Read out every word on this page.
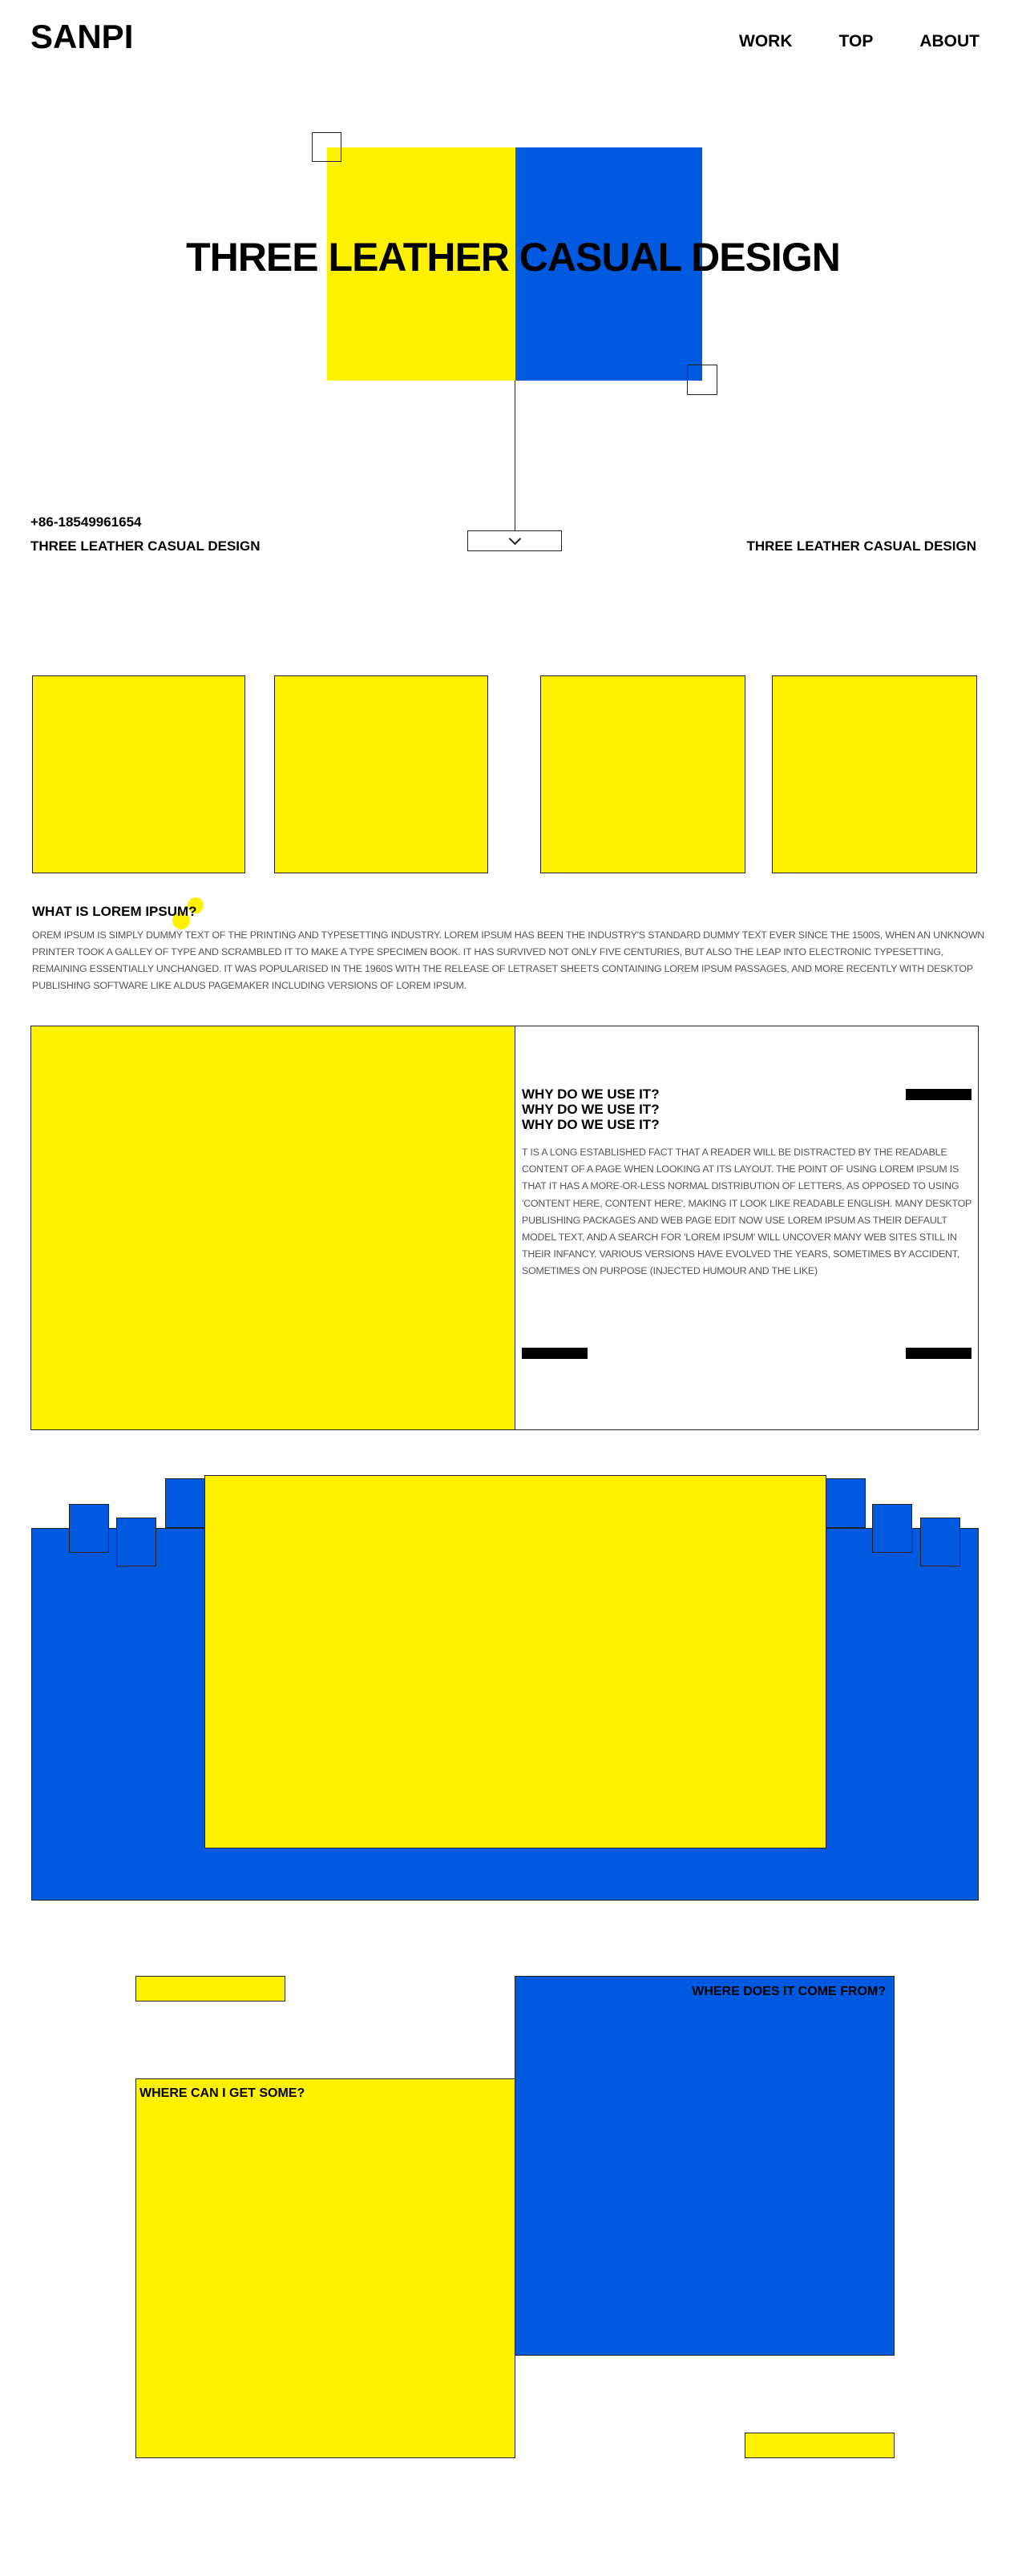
SANPI	WORK	TOP	ABOUT
THREE LEATHER CASUAL DESIGN
+86-18549961654
THREE LEATHER CASUAL DESIGN	THREE LEATHER CASUAL DESIGN
WHAT IS LOREM IPSUM?
OREM IPSUM IS SIMPLY DUMMY TEXT OF THE PRINTING AND TYPESETTING INDUSTRY. LOREM IPSUM HAS BEEN THE INDUSTRY'S STANDARD DUMMY TEXT EVER SINCE THE 1500S, WHEN AN UNKNOWN PRINTER TOOK A GALLEY OF TYPE AND SCRAMBLED IT TO MAKE A TYPE SPECIMEN BOOK. IT HAS SURVIVED NOT ONLY FIVE CENTURIES, BUT ALSO THE LEAP INTO ELECTRONIC TYPESETTING, REMAINING ESSENTIALLY UNCHANGED. IT WAS POPULARISED IN THE 1960S WITH THE RELEASE OF LETRASET SHEETS CONTAINING LOREM IPSUM PASSAGES, AND MORE RECENTLY WITH DESKTOP PUBLISHING SOFTWARE LIKE ALDUS PAGEMAKER INCLUDING VERSIONS OF LOREM IPSUM.
WHY DO WE USE IT?
WHY DO WE USE IT?
WHY DO WE USE IT?
T IS A LONG ESTABLISHED FACT THAT A READER WILL BE DISTRACTED BY THE READABLE CONTENT OF A PAGE WHEN LOOKING AT ITS LAYOUT. THE POINT OF USING LOREM IPSUM IS THAT IT HAS A MORE-OR-LESS NORMAL DISTRIBUTION OF LETTERS, AS OPPOSED TO USING 'CONTENT HERE, CONTENT HERE', MAKING IT LOOK LIKE READABLE ENGLISH. MANY DESKTOP PUBLISHING PACKAGES AND WEB PAGE EDIT NOW USE LOREM IPSUM AS THEIR DEFAULT MODEL TEXT, AND A SEARCH FOR 'LOREM IPSUM' WILL UNCOVER MANY WEB SITES STILL IN THEIR INFANCY. VARIOUS VERSIONS HAVE EVOLVED THE YEARS, SOMETIMES BY ACCIDENT, SOMETIMES ON PURPOSE (INJECTED HUMOUR AND THE LIKE)
WHERE DOES IT COME FROM?
WHERE CAN I GET SOME?
